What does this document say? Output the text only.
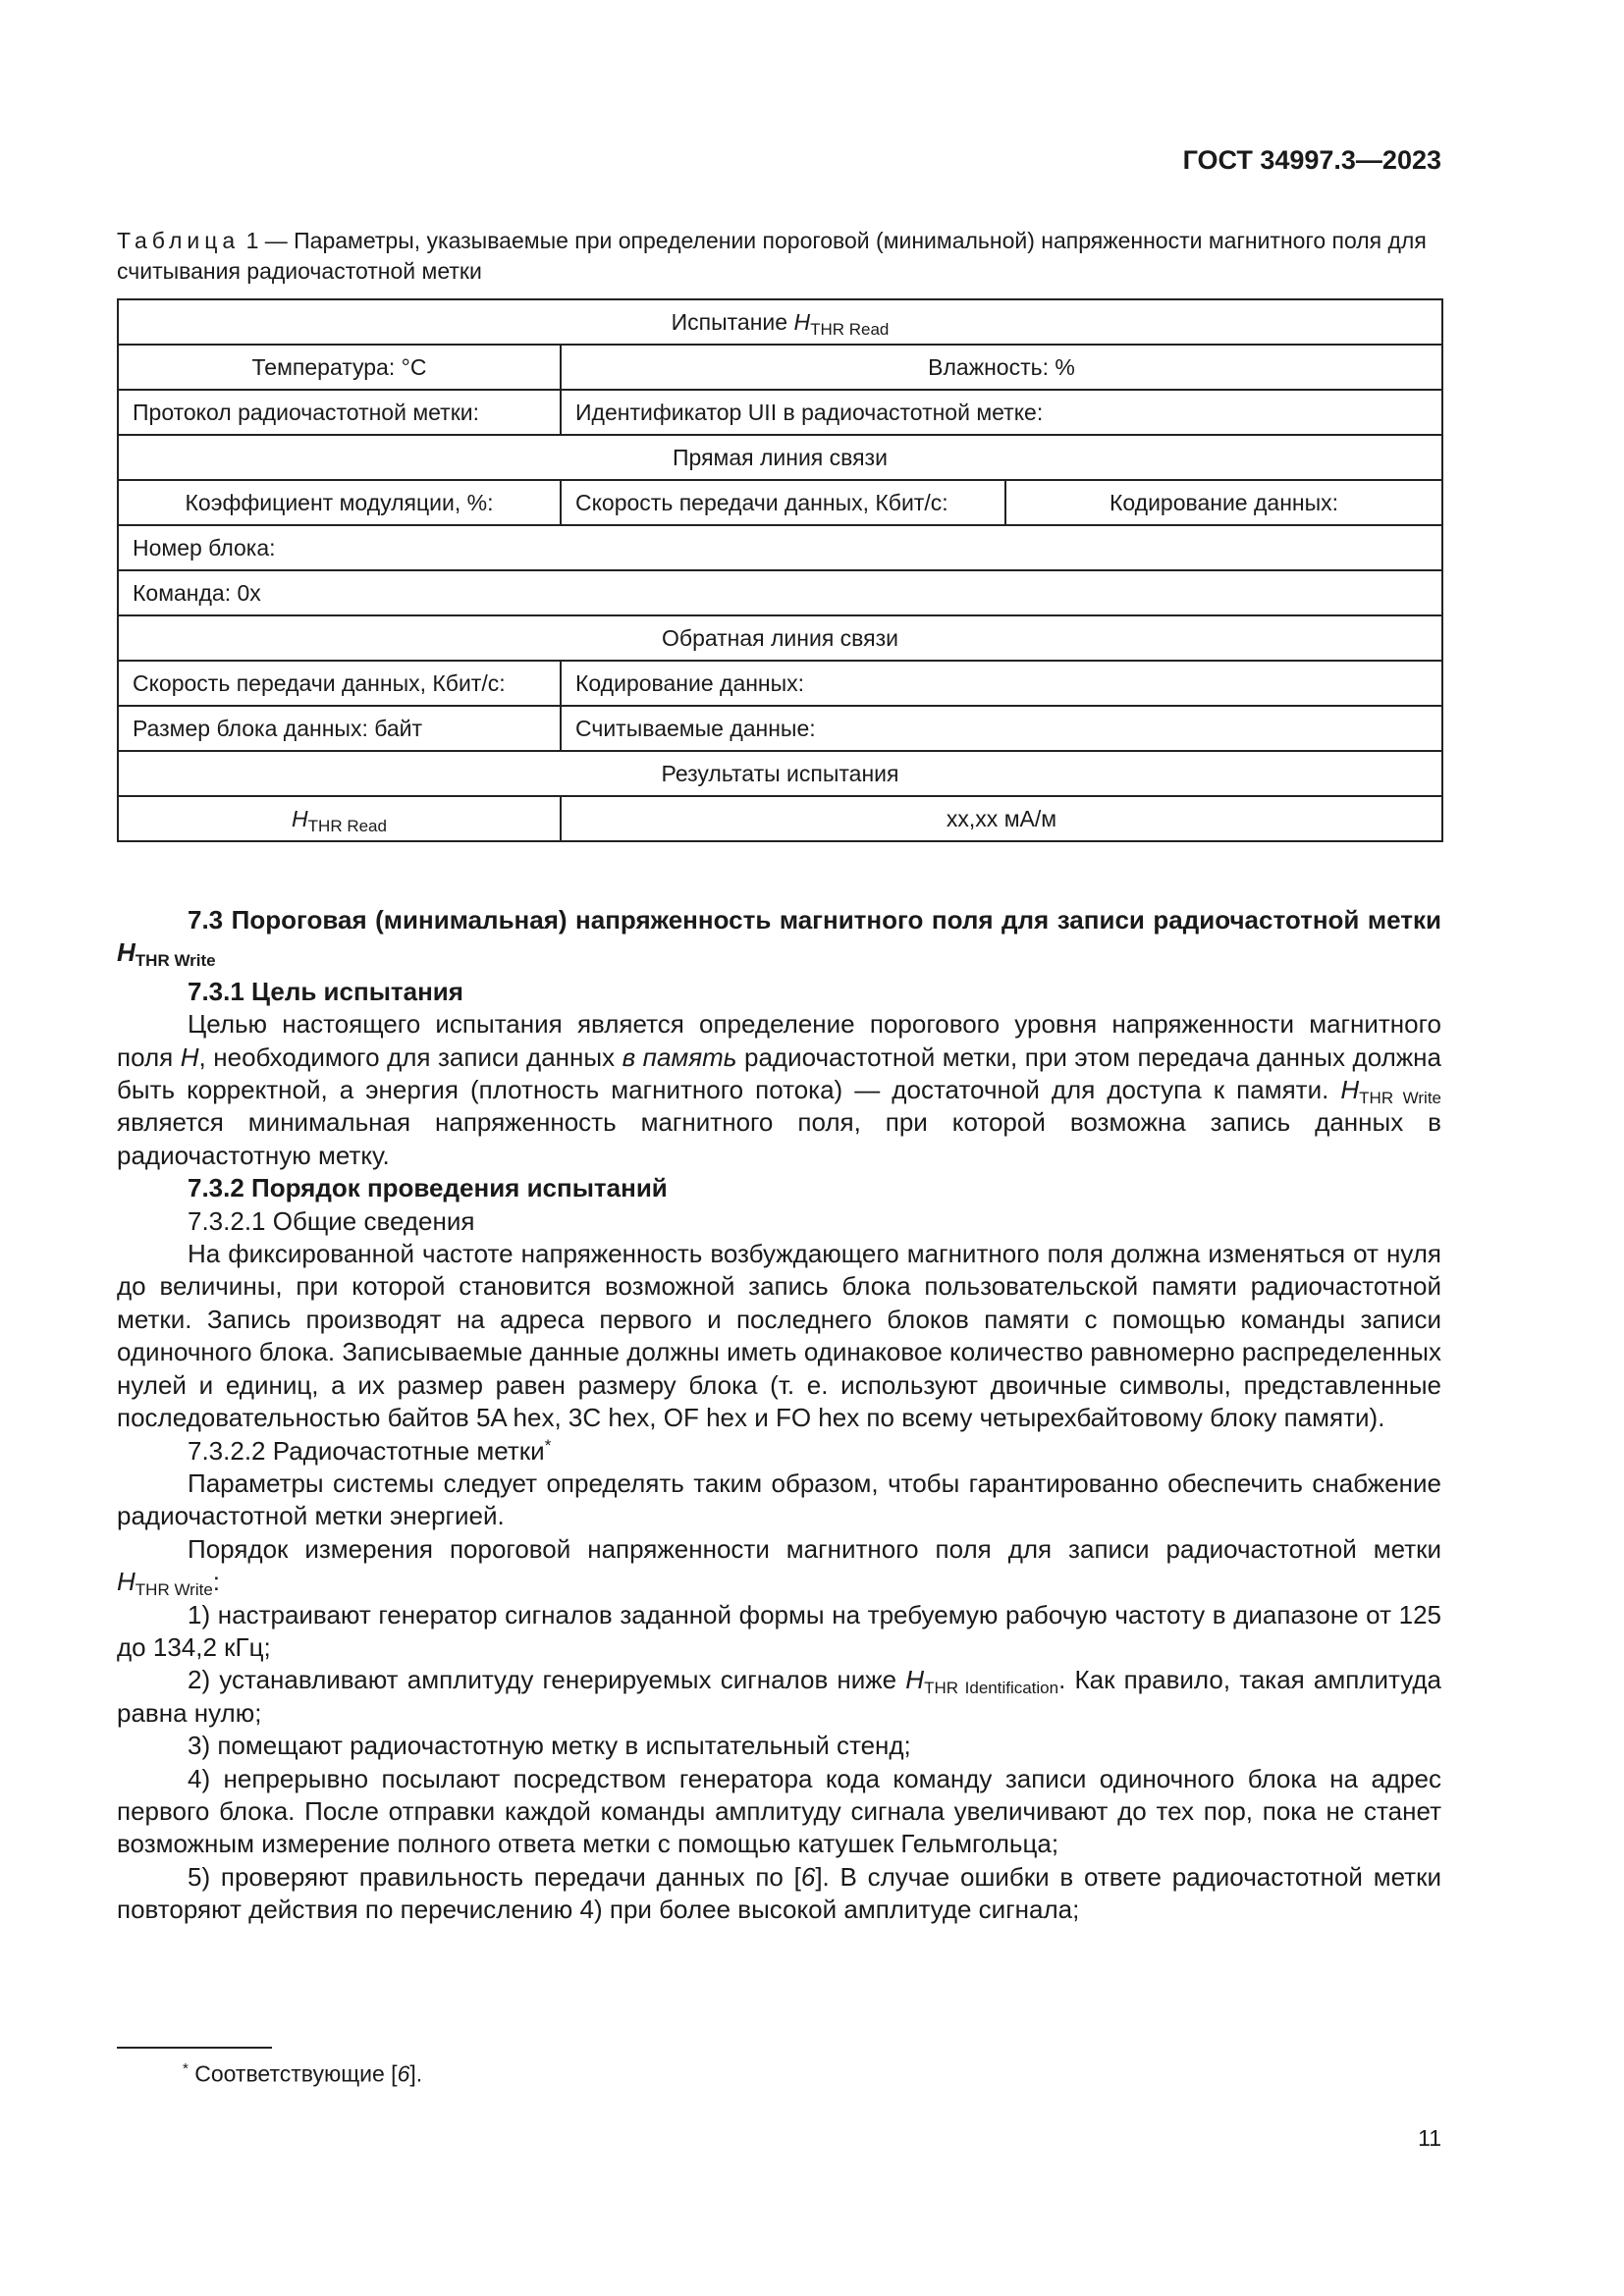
ГОСТ 34997.3—2023
Таблица 1 — Параметры, указываемые при определении пороговой (минимальной) напряженности магнитного поля для считывания радиочастотной метки
Испытание $H_{THR Read}$
Температура: °С	Влажность: %	
Протокол радиочастотной метки:	Идентификатор UII в радиочастотной метке:	
Прямая линия связи		
Коэффициент модуляции, %:	Скорость передачи данных, Кбит/с:	Кодирование данных:
Номер блока:		
Команда: 0x		
Обратная линия связи		
Скорость передачи данных, Кбит/с:	Кодирование данных:	
Размер блока данных: байт	Считываемые данные:	
Результаты испытания		
$H_{THR Read}$	xx,xx мА/м	

7.3 Пороговая (минимальная) напряженность магнитного поля для записи радиочастотной метки $H_{THR Write}$

7.3.1 Цель испытания

Целью настоящего испытания является определение порогового уровня напряженности магнитного поля H, необходимого для записи данных в память радиочастотной метки, при этом передача данных должна быть корректной, а энергия (плотность магнитного потока) — достаточной для доступа к памяти. $H_{THR Write}$ является минимальная напряженность магнитного поля, при которой возможна запись данных в радиочастотную метку.

7.3.2 Порядок проведения испытаний

7.3.2.1 Общие сведения

На фиксированной частоте напряженность возбуждающего магнитного поля должна изменяться от нуля до величины, при которой становится возможной запись блока пользовательской памяти радиочастотной метки. Запись производят на адреса первого и последнего блоков памяти с помощью команды записи одиночного блока. Записываемые данные должны иметь одинаковое количество равномерно распределенных нулей и единиц, а их размер равен размеру блока (т. е. используют двоичные символы, представленные последовательностью байтов 5A hex, 3C hex, OF hex и FO hex по всему четырехбайтовому блоку памяти).

7.3.2.2 Радиочастотные метки*

Параметры системы следует определять таким образом, чтобы гарантированно обеспечить снабжение радиочастотной метки энергией.

Порядок измерения пороговой напряженности магнитного поля для записи радиочастотной метки

$H_{THR Write}$:

1) настраивают генератор сигналов заданной формы на требуемую рабочую частоту в диапазоне от 125 до 134,2 кГц;

2) устанавливают амплитуду генерируемых сигналов ниже $H_{THR Identification}$. Как правило, такая амплитуда равна нулю;

3) помещают радиочастотную метку в испытательный стенд;

4) непрерывно посылают посредством генератора кода команду записи одиночного блока на адрес первого блока. После отправки каждой команды амплитуду сигнала увеличивают до тех пор, пока не станет возможным измерение полного ответа метки с помощью катушек Гельмгольца;

5) проверяют правильность передачи данных по [6]. В случае ошибки в ответе радиочастотной метки повторяют действия по перечислению 4) при более высокой амплитуде сигнала;

* Соответствующие [6].
11
